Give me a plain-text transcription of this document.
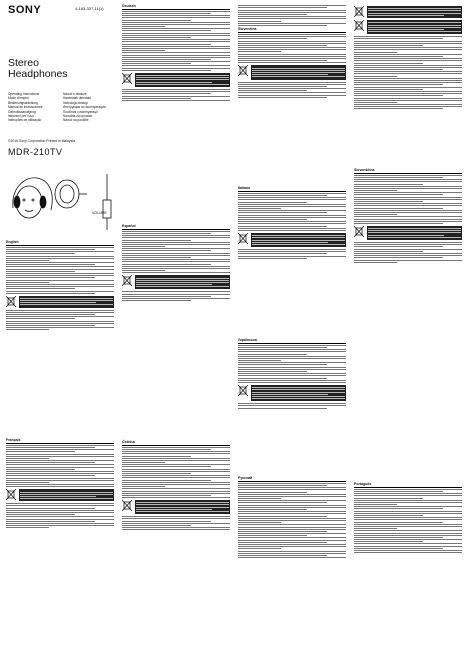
SONY	4-183-337-11(1)
Stereo
Headphones
Operating Instructions
Mode d'emploi
Bedienungsanleitung
Manual de instrucciones
Gebruiksaanwijzing
Istruzioni per l'uso
Instruções de utilização
Návod k obsluze
Használati útmutató
Instrukcja obsługi
Инструкция по эксплуатации
Посібник з експлуатації
Navodila za uporabo
Návod na použitie
©2016 Sony Corporation Printed in Malaysia
MDR-210TV
VOLUME
English
Français
Deutsch
Español
Čeština
Slovenčina
Italiano
Українська
Русский
Slovenščina
Português
